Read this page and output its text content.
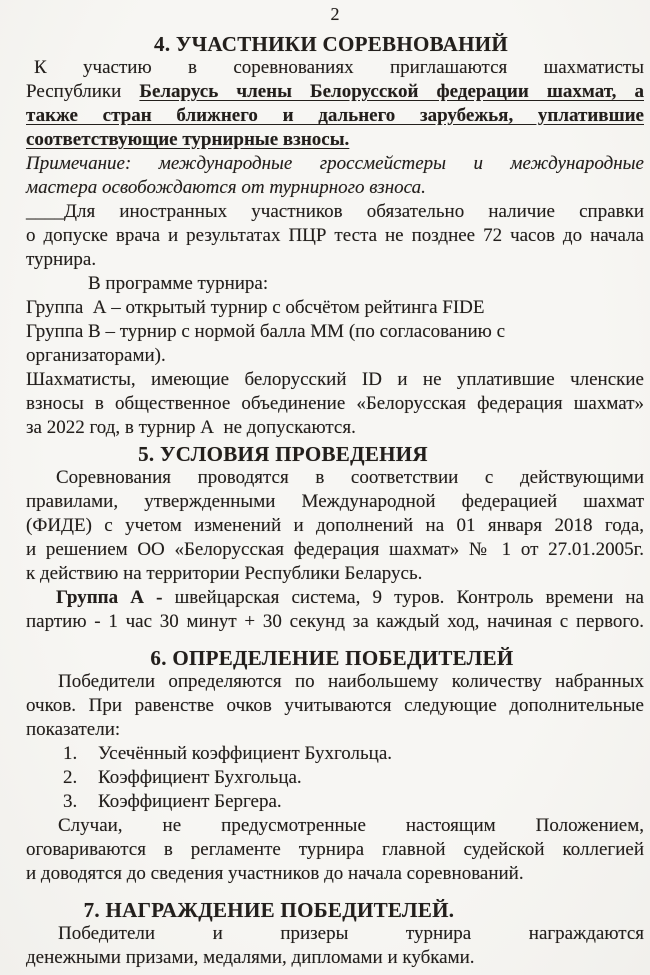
2
4. УЧАСТНИКИ СОРЕВНОВАНИЙ
К участию в соревнованиях приглашаются шахматисты
Республики Беларусь члены Белорусской федерации шахмат, а
также стран ближнего и дальнего зарубежья, уплатившие
соответствующие турнирные взносы.
Примечание: международные гроссмейстеры и международные
мастера освобождаются от турнирного взноса.
____Для иностранных участников обязательно наличие справки
о допуске врача и результатах ПЦР теста не позднее 72 часов до начала
турнира.
В программе турнира:
Группа  А – открытый турнир с обсчётом рейтинга FIDE
Группа В – турнир с нормой балла ММ (по согласованию с
организаторами).
Шахматисты, имеющие белорусский ID и не уплатившие членские
взносы в общественное объединение «Белорусская федерация шахмат»
за 2022 год, в турнир А  не допускаются.
5. УСЛОВИЯ ПРОВЕДЕНИЯ
Соревнования проводятся в соответствии с действующими
правилами, утвержденными Международной федерацией шахмат
(ФИДЕ) с учетом изменений и дополнений на 01 января 2018 года,
и решением ОО «Белорусская федерация шахмат» № 1 от 27.01.2005г.
к действию на территории Республики Беларусь.
Группа А - швейцарская система, 9 туров. Контроль времени на
партию - 1 час 30 минут + 30 секунд за каждый ход, начиная с первого.
6. ОПРЕДЕЛЕНИЕ ПОБЕДИТЕЛЕЙ
Победители определяются по наибольшему количеству набранных
очков. При равенстве очков учитываются следующие дополнительные
показатели:
1. Усечённый коэффициент Бухгольца.
2. Коэффициент Бухгольца.
3. Коэффициент Бергера.
Случаи, не предусмотренные настоящим Положением,
оговариваются в регламенте турнира главной судейской коллегией
и доводятся до сведения участников до начала соревнований.
7. НАГРАЖДЕНИЕ ПОБЕДИТЕЛЕЙ.
Победители и призеры турнира награждаются
денежными призами, медалями, дипломами и кубками.
